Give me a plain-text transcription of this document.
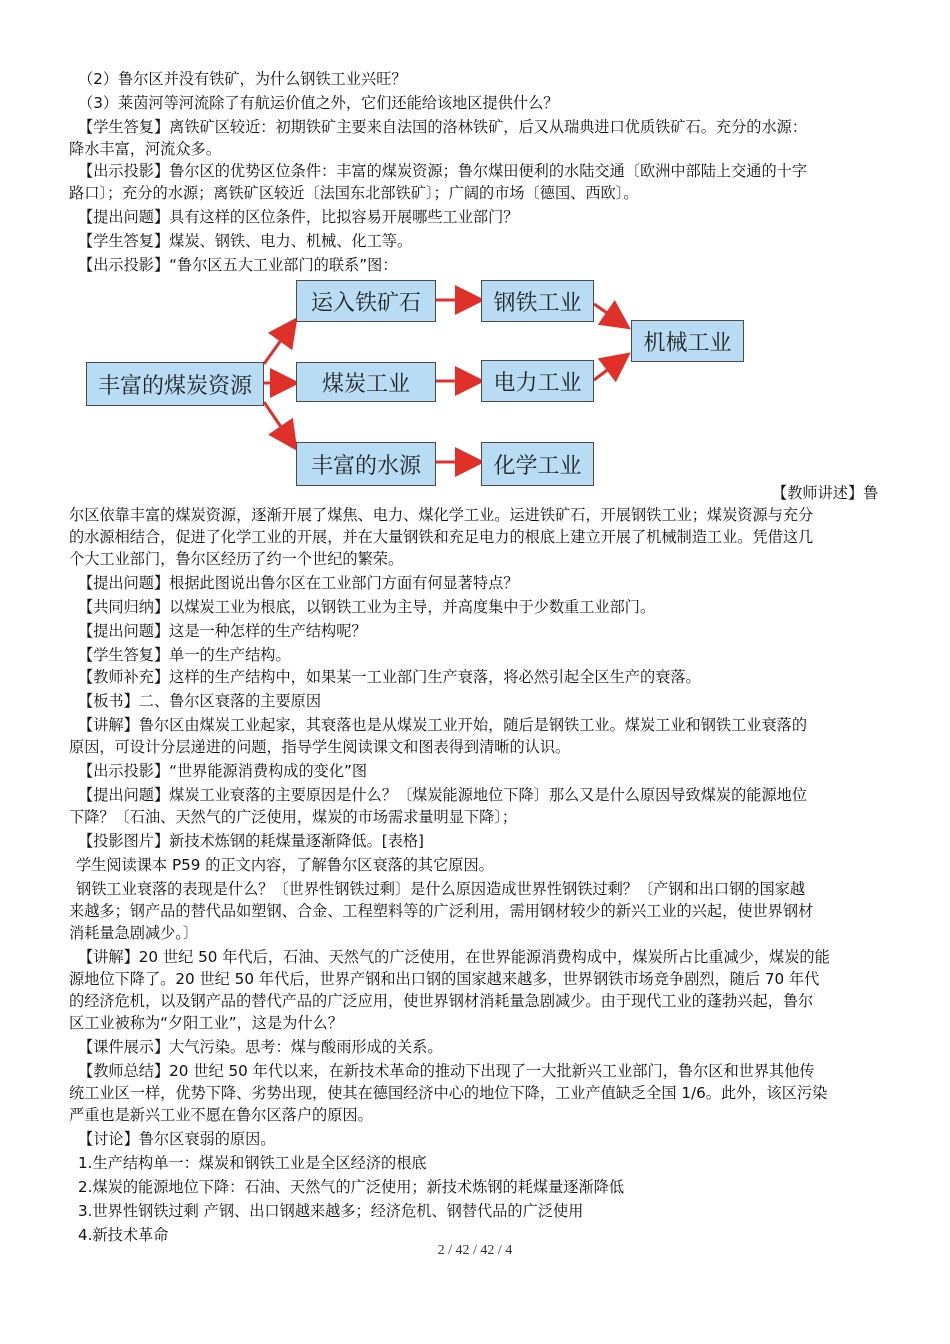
（2）鲁尔区并没有铁矿，为什么钢铁工业兴旺？
（3）莱茵河等河流除了有航运价值之外，它们还能给该地区提供什么？
【学生答复】离铁矿区较近：初期铁矿主要来自法国的洛林铁矿，后又从瑞典进口优质铁矿石。充分的水源：
降水丰富，河流众多。
【出示投影】鲁尔区的优势区位条件：丰富的煤炭资源；鲁尔煤田便利的水陆交通〔欧洲中部陆上交通的十字
路口〕；充分的水源；离铁矿区较近〔法国东北部铁矿〕；广阔的市场〔德国、西欧〕。
【提出问题】具有这样的区位条件，比拟容易开展哪些工业部门？
【学生答复】煤炭、钢铁、电力、机械、化工等。
【出示投影】“鲁尔区五大工业部门的联系”图：
丰富的煤炭资源
运入铁矿石
煤炭工业
丰富的水源
钢铁工业
电力工业
化学工业
机械工业
【教师讲述】鲁
尔区依靠丰富的煤炭资源，逐渐开展了煤焦、电力、煤化学工业。运进铁矿石，开展钢铁工业；煤炭资源与充分
的水源相结合，促进了化学工业的开展，并在大量钢铁和充足电力的根底上建立开展了机械制造工业。凭借这几
个大工业部门，鲁尔区经历了约一个世纪的繁荣。
【提出问题】根据此图说出鲁尔区在工业部门方面有何显著特点？
【共同归纳】以煤炭工业为根底，以钢铁工业为主导，并高度集中于少数重工业部门。
【提出问题】这是一种怎样的生产结构呢？
【学生答复】单一的生产结构。
【教师补充】这样的生产结构中，如果某一工业部门生产衰落，将必然引起全区生产的衰落。
【板书】二、鲁尔区衰落的主要原因
【讲解】鲁尔区由煤炭工业起家，其衰落也是从煤炭工业开始，随后是钢铁工业。煤炭工业和钢铁工业衰落的
原因，可设计分层递进的问题，指导学生阅读课文和图表得到清晰的认识。
【出示投影】“世界能源消费构成的变化”图
【提出问题】煤炭工业衰落的主要原因是什么？〔煤炭能源地位下降〕那么又是什么原因导致煤炭的能源地位
下降？〔石油、天然气的广泛使用，煤炭的市场需求量明显下降〕；
【投影图片】新技术炼钢的耗煤量逐渐降低。[表格]
学生阅读课本 P59 的正文内容，了解鲁尔区衰落的其它原因。
钢铁工业衰落的表现是什么？〔世界性钢铁过剩〕是什么原因造成世界性钢铁过剩？〔产钢和出口钢的国家越
来越多；钢产品的替代品如塑钢、合金、工程塑料等的广泛利用，需用钢材较少的新兴工业的兴起，使世界钢材
消耗量急剧减少。〕
【讲解】20 世纪 50 年代后，石油、天然气的广泛使用，在世界能源消费构成中，煤炭所占比重减少，煤炭的能
源地位下降了。20 世纪 50 年代后，世界产钢和出口钢的国家越来越多，世界钢铁市场竞争剧烈，随后 70 年代
的经济危机，以及钢产品的替代产品的广泛应用，使世界钢材消耗量急剧减少。由于现代工业的蓬勃兴起，鲁尔
区工业被称为“夕阳工业”，这是为什么？
【课件展示】大气污染。思考：煤与酸雨形成的关系。
【教师总结】20 世纪 50 年代以来，在新技术革命的推动下出现了一大批新兴工业部门，鲁尔区和世界其他传
统工业区一样，优势下降、劣势出现，使其在德国经济中心的地位下降，工业产值缺乏全国 1/6。此外，该区污染
严重也是新兴工业不愿在鲁尔区落户的原因。
【讨论】鲁尔区衰弱的原因。
1.生产结构单一：煤炭和钢铁工业是全区经济的根底
2.煤炭的能源地位下降：石油、天然气的广泛使用；新技术炼钢的耗煤量逐渐降低
3.世界性钢铁过剩 产钢、出口钢越来越多；经济危机、钢替代品的广泛使用
4.新技术革命
2 / 42 / 42 / 4
